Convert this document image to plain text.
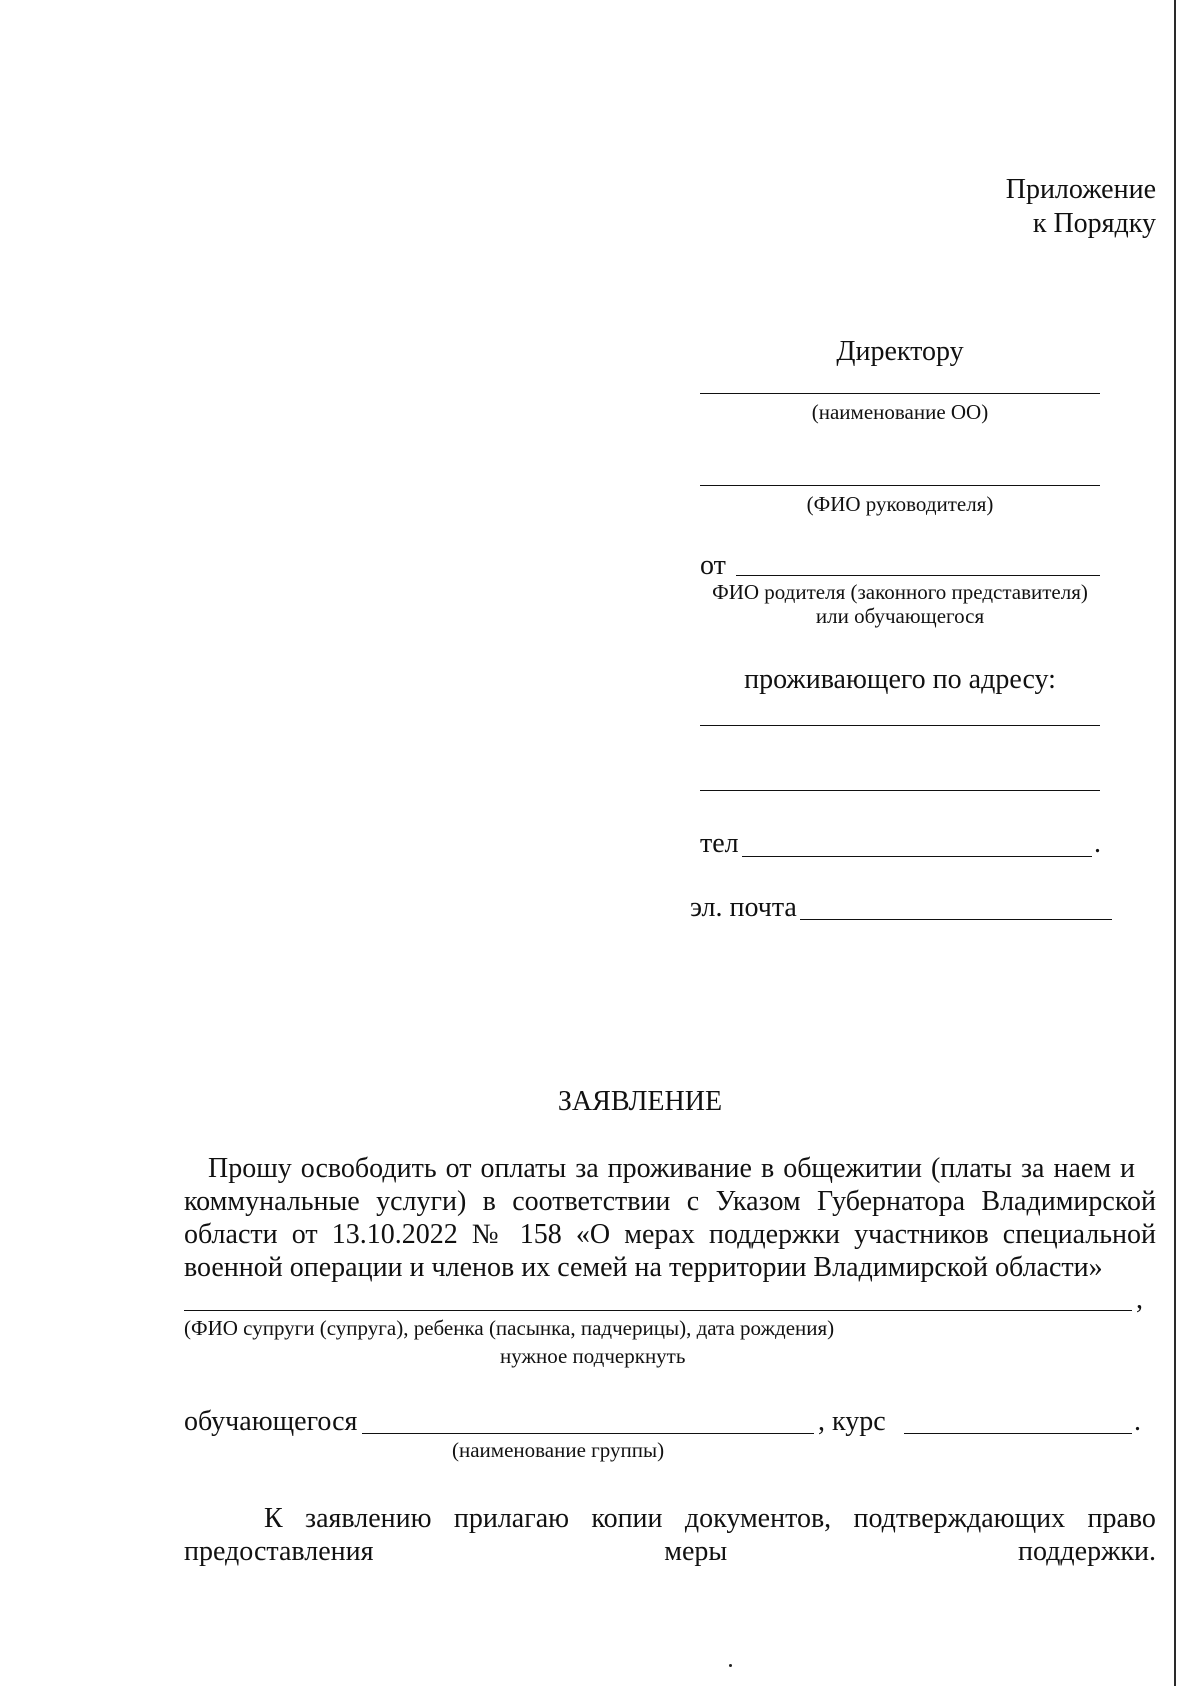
Приложение
к Порядку
Директору
(наименование ОО)
(ФИО руководителя)
от
ФИО родителя (законного представителя)
или обучающегося
проживающего по адресу:
тел	.
эл. почта
ЗАЯВЛЕНИЕ
Прошу освободить от оплаты за проживание в общежитии (платы за наем и
коммунальные услуги) в соответствии с Указом Губернатора Владимирской
области от 13.10.2022 № 158 «О мерах поддержки участников специальной
военной операции и членов их семей на территории Владимирской области»
,
(ФИО супруги (супруга), ребенка (пасынка, падчерицы), дата рождения)
нужное подчеркнуть
обучающегося	, курс	.
(наименование группы)
К заявлению прилагаю копии документов, подтверждающих право
предоставления	меры	поддержки.
